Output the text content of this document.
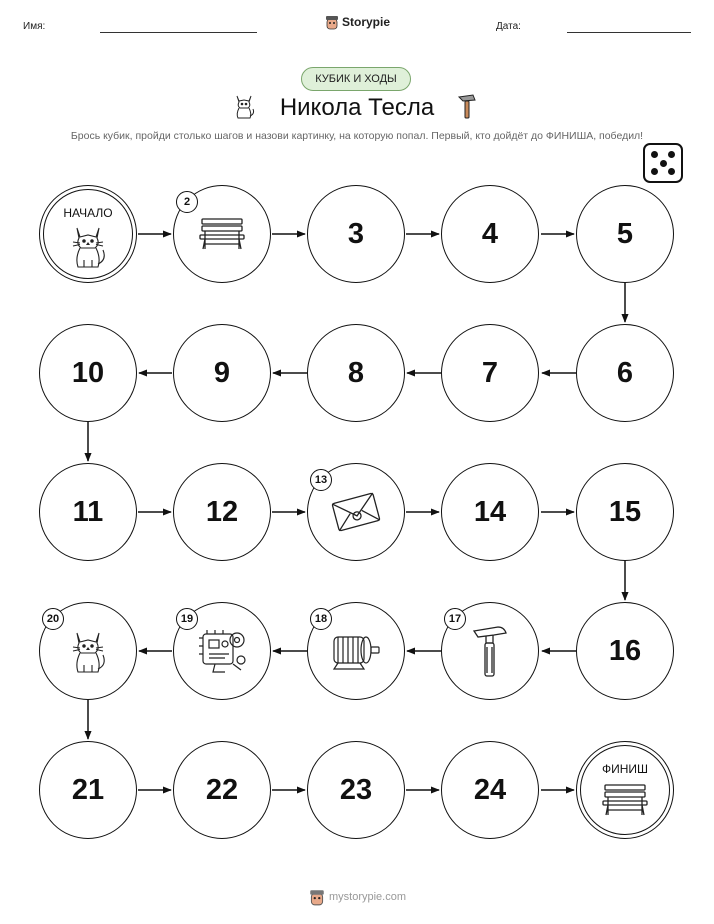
Имя:	Storypie	Дата:
КУБИК И ХОДЫ
Никола Тесла
Брось кубик, пройди столько шагов и назови картинку, на которую попал. Первый, кто дойдёт до ФИНИША, победил!
НАЧАЛО
2
3	4	5
6
7
8
9
10
11	12
13
14	15
16
17
18
19
20
21	22	23	24
ФИНИШ
mystorypie.com
